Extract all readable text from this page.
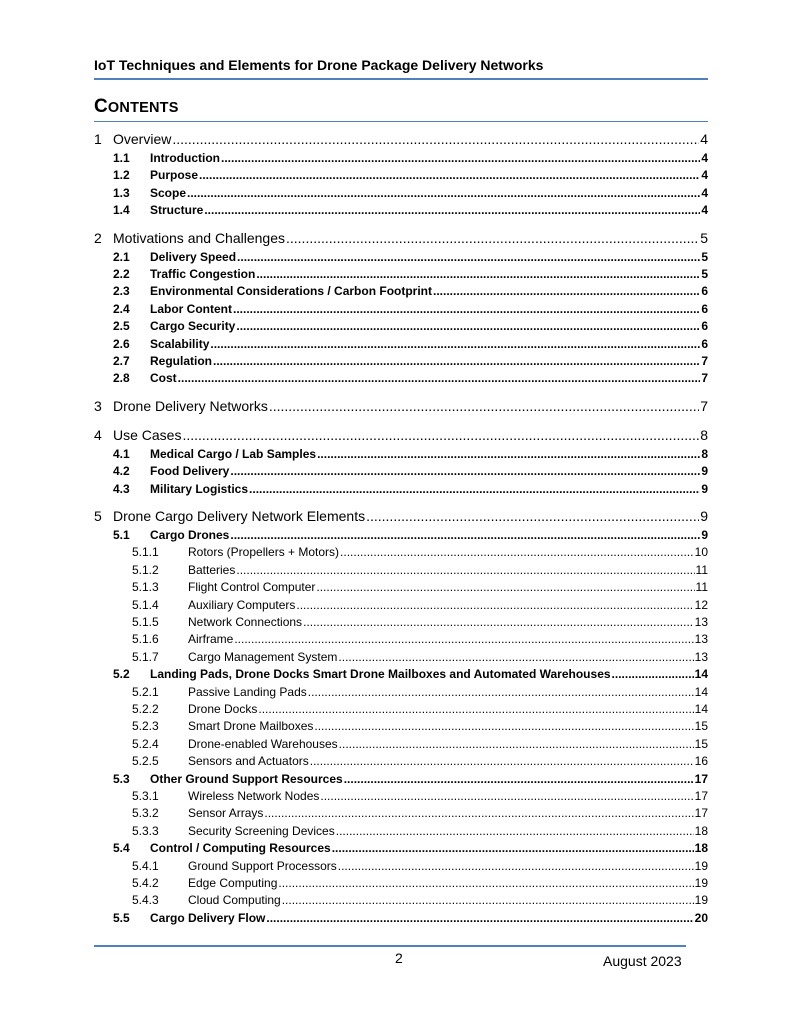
IoT Techniques and Elements for Drone Package Delivery Networks
CONTENTS
1 Overview .....	4
1.1	Introduction .....	4
1.2	Purpose .....	4
1.3	Scope .....	4
1.4	Structure .....	4
2 Motivations and Challenges .....	5
2.1	Delivery Speed .....	5
2.2	Traffic Congestion .....	5
2.3	Environmental Considerations / Carbon Footprint .....	6
2.4	Labor Content .....	6
2.5	Cargo Security .....	6
2.6	Scalability .....	6
2.7	Regulation .....	7
2.8	Cost .....	7
3 Drone Delivery Networks .....	7
4 Use Cases .....	8
4.1	Medical Cargo / Lab Samples .....	8
4.2	Food Delivery .....	9
4.3	Military Logistics .....	9
5 Drone Cargo Delivery Network Elements .....	9
5.1	Cargo Drones .....	9
5.1.1	Rotors (Propellers + Motors) .....	10
5.1.2	Batteries .....	11
5.1.3	Flight Control Computer .....	11
5.1.4	Auxiliary Computers .....	12
5.1.5	Network Connections .....	13
5.1.6	Airframe .....	13
5.1.7	Cargo Management System .....	13
5.2	Landing Pads, Drone Docks Smart Drone Mailboxes and Automated Warehouses .....	14
5.2.1	Passive Landing Pads .....	14
5.2.2	Drone Docks .....	14
5.2.3	Smart Drone Mailboxes .....	15
5.2.4	Drone-enabled Warehouses .....	15
5.2.5	Sensors and Actuators .....	16
5.3	Other Ground Support Resources .....	17
5.3.1	Wireless Network Nodes .....	17
5.3.2	Sensor Arrays .....	17
5.3.3	Security Screening Devices .....	18
5.4	Control / Computing Resources .....	18
5.4.1	Ground Support Processors .....	19
5.4.2	Edge Computing .....	19
5.4.3	Cloud Computing .....	19
5.5	Cargo Delivery Flow .....	20
2	August 2023
